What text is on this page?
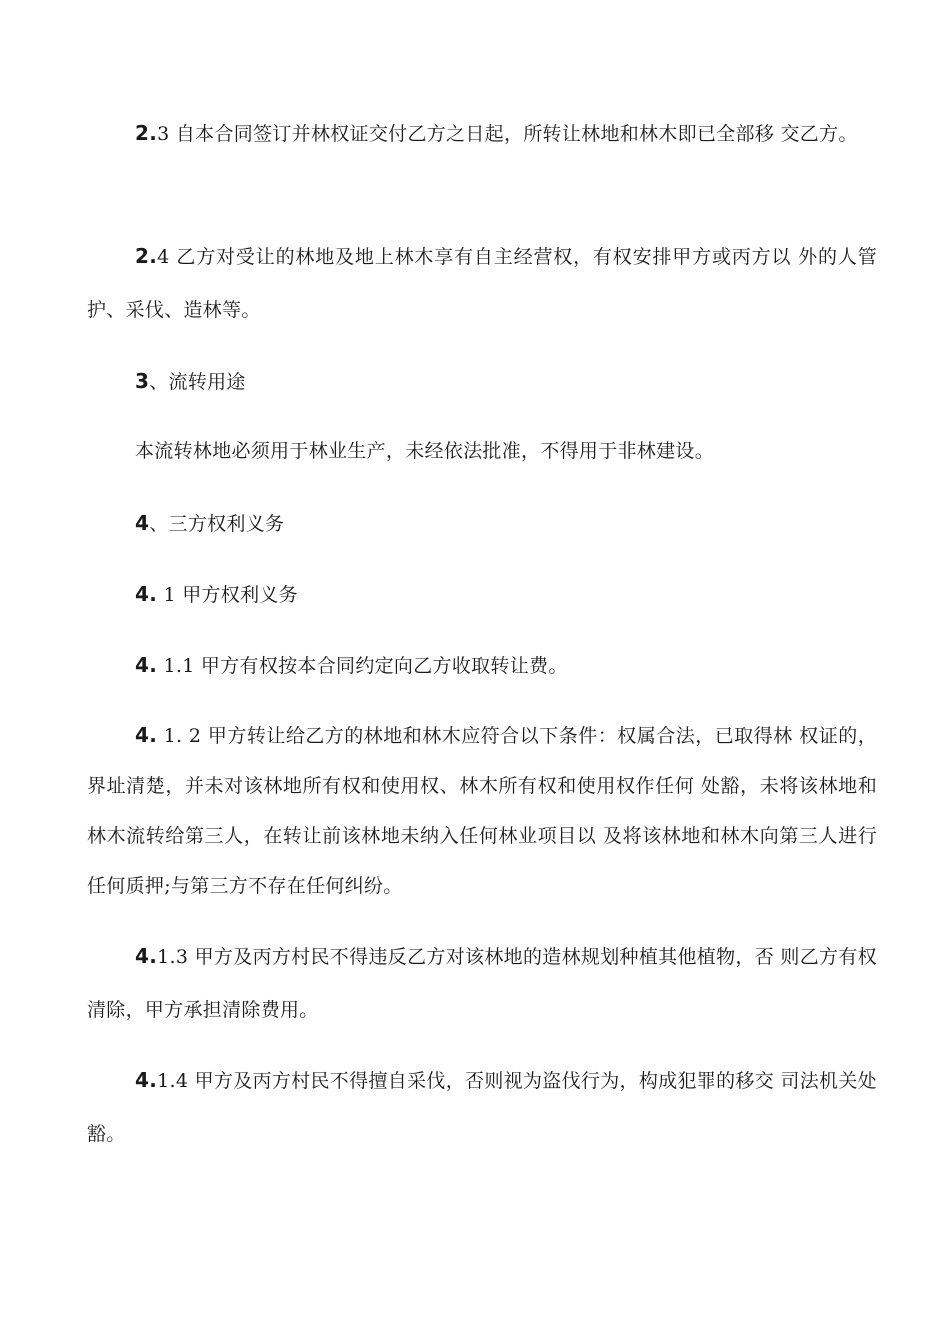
2.3 自本合同签订并林权证交付乙方之日起，所转让林地和林木即已全部移 交乙方。

2.4 乙方对受让的林地及地上林木享有自主经营权，有权安排甲方或丙方以 外的人管护、采伐、造林等。

3、流转用途

本流转林地必须用于林业生产，未经依法批准，不得用于非林建设。

4、三方权利义务

4. 1 甲方权利义务

4. 1.1 甲方有权按本合同约定向乙方收取转让费。

4. 1. 2 甲方转让给乙方的林地和林木应符合以下条件：权属合法，已取得林 权证的，界址清楚，并未对该林地所有权和使用权、林木所有权和使用权作任何 处豁，未将该林地和林木流转给第三人，在转让前该林地未纳入任何林业项目以 及将该林地和林木向第三人进行任何质押;与第三方不存在任何纠纷。

4.1.3 甲方及丙方村民不得违反乙方对该林地的造林规划种植其他植物，否 则乙方有权清除，甲方承担清除费用。

4.1.4 甲方及丙方村民不得擅自采伐，否则视为盗伐行为，构成犯罪的移交 司法机关处豁。
